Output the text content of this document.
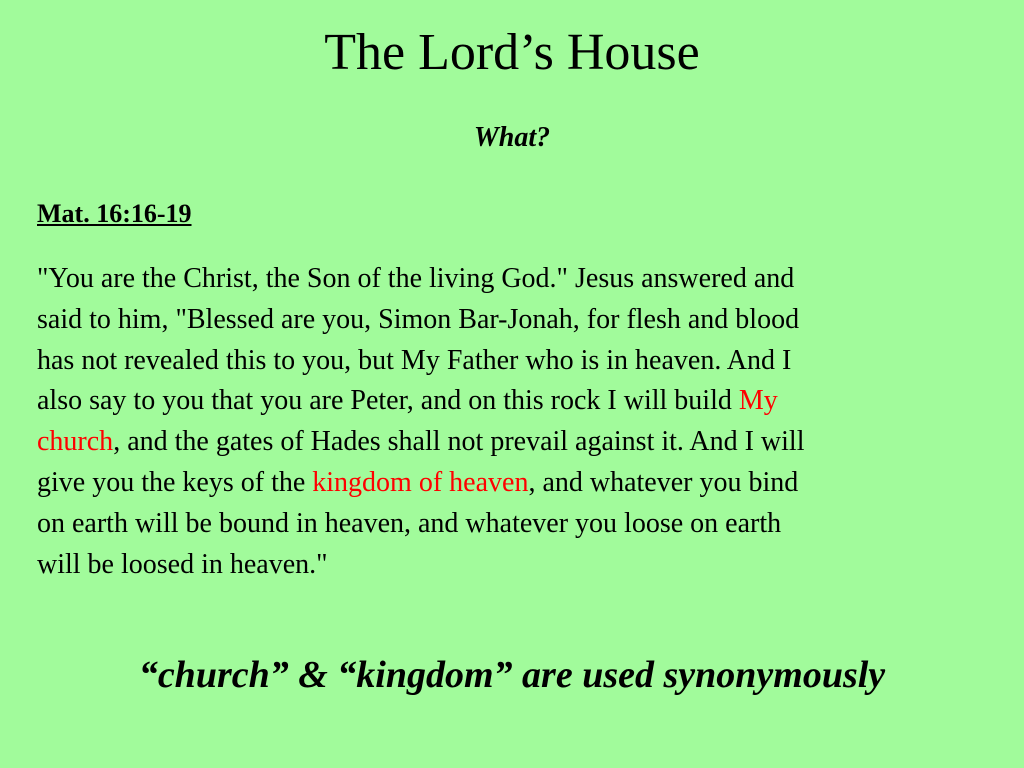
The Lord’s House
What?
Mat. 16:16-19
"You are the Christ, the Son of the living God." Jesus answered and
said to him, "Blessed are you, Simon Bar-Jonah, for flesh and blood
has not revealed this to you, but My Father who is in heaven. And I
also say to you that you are Peter, and on this rock I will build My
church, and the gates of Hades shall not prevail against it. And I will
give you the keys of the kingdom of heaven, and whatever you bind
on earth will be bound in heaven, and whatever you loose on earth
will be loosed in heaven."
“church” & “kingdom” are used synonymously
